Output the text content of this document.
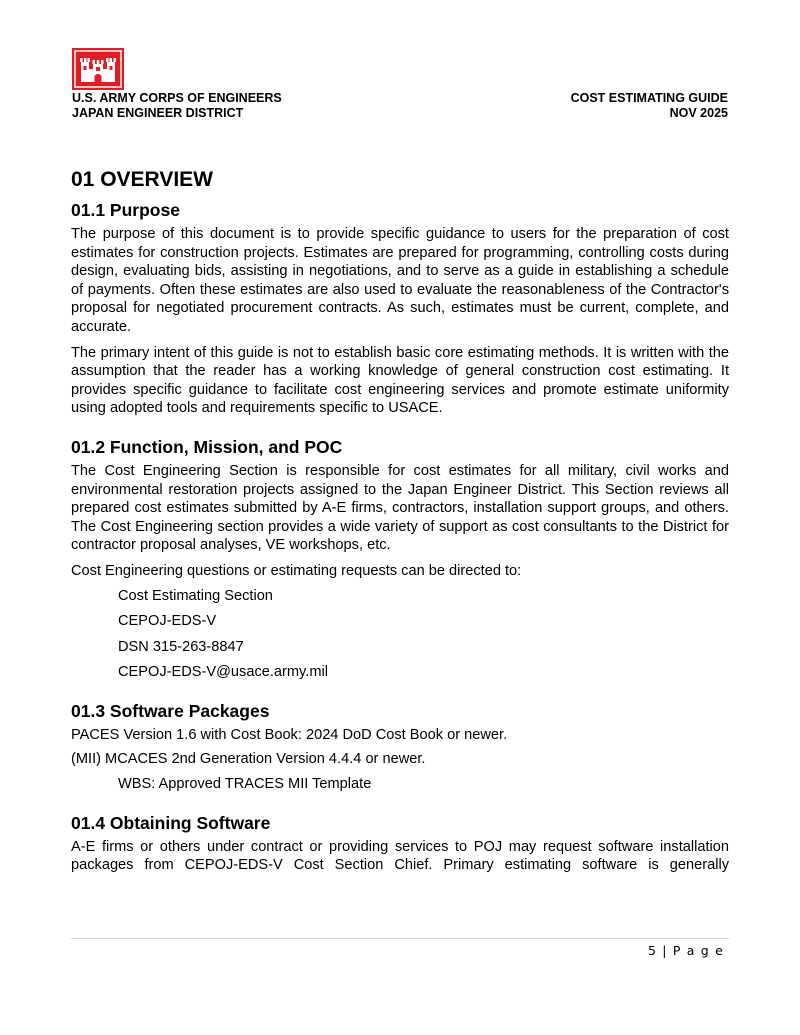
U.S. ARMY CORPS OF ENGINEERS
JAPAN ENGINEER DISTRICT
COST ESTIMATING GUIDE
NOV 2025
01 OVERVIEW
01.1 Purpose

The purpose of this document is to provide specific guidance to users for the preparation of cost estimates for construction projects. Estimates are prepared for programming, controlling costs during design, evaluating bids, assisting in negotiations, and to serve as a guide in establishing a schedule of payments. Often these estimates are also used to evaluate the reasonableness of the Contractor's proposal for negotiated procurement contracts. As such, estimates must be current, complete, and accurate.

The primary intent of this guide is not to establish basic core estimating methods. It is written with the assumption that the reader has a working knowledge of general construction cost estimating. It provides specific guidance to facilitate cost engineering services and promote estimate uniformity using adopted tools and requirements specific to USACE.

01.2 Function, Mission, and POC

The Cost Engineering Section is responsible for cost estimates for all military, civil works and environmental restoration projects assigned to the Japan Engineer District. This Section reviews all prepared cost estimates submitted by A-E firms, contractors, installation support groups, and others. The Cost Engineering section provides a wide variety of support as cost consultants to the District for contractor proposal analyses, VE workshops, etc.

Cost Engineering questions or estimating requests can be directed to:

Cost Estimating Section

CEPOJ-EDS-V

DSN 315-263-8847

CEPOJ-EDS-V@usace.army.mil

01.3 Software Packages

PACES Version 1.6 with Cost Book: 2024 DoD Cost Book or newer.

(MII) MCACES 2nd Generation Version 4.4.4 or newer.

WBS: Approved TRACES MII Template

01.4 Obtaining Software

A-E firms or others under contract or providing services to POJ may request software installation packages from CEPOJ-EDS-V Cost Section Chief. Primary estimating software is generally

5 | P a g e
